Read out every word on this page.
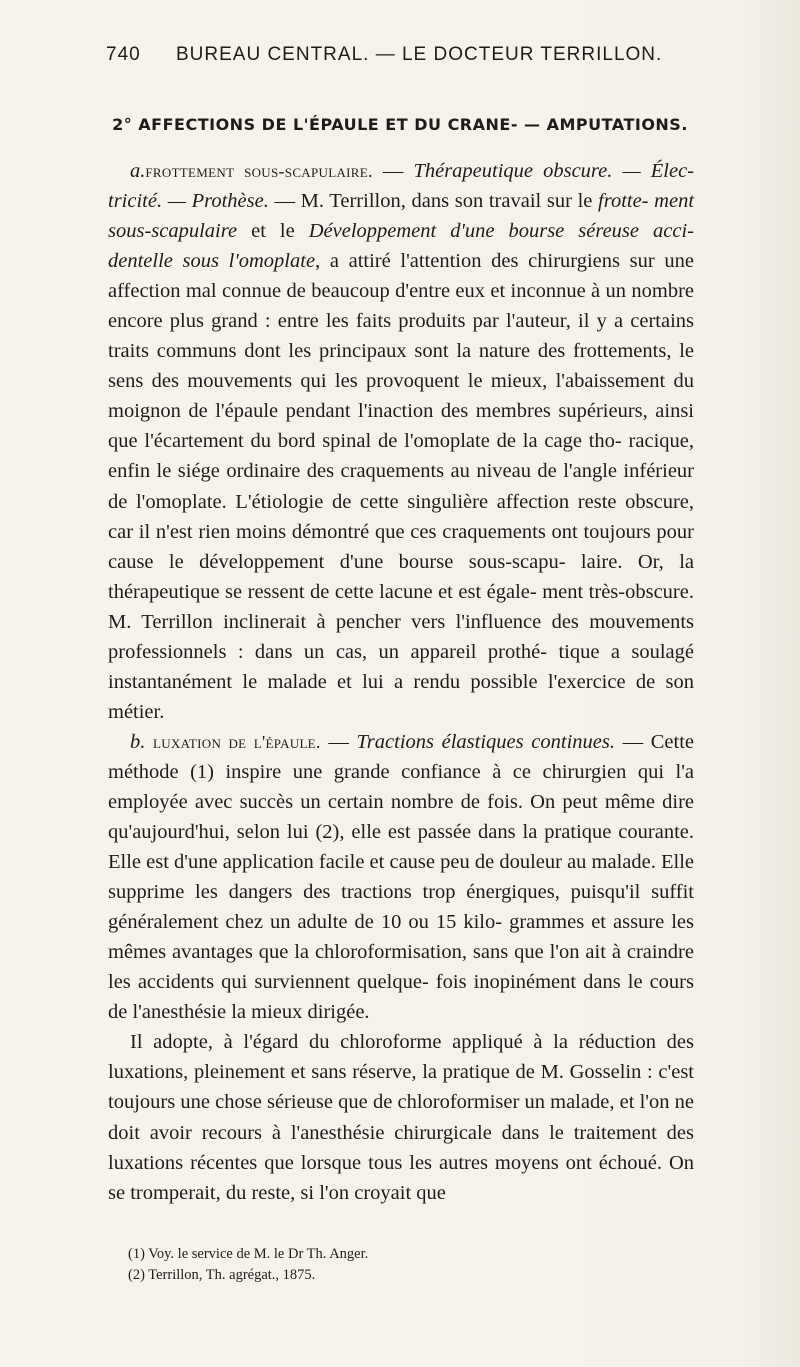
740	BUREAU CENTRAL. — LE DOCTEUR TERRILLON.
2° AFFECTIONS DE L'ÉPAULE ET DU CRANE- — AMPUTATIONS.

a.frottement sous-scapulaire. — Thérapeutique obscure. — Élec- tricité. — Prothèse. — M. Terrillon, dans son travail sur le frotte- ment sous-scapulaire et le Développement d'une bourse séreuse acci- dentelle sous l'omoplate, a attiré l'attention des chirurgiens sur une affection mal connue de beaucoup d'entre eux et inconnue à un nombre encore plus grand : entre les faits produits par l'auteur, il y a certains traits communs dont les principaux sont la nature des frottements, le sens des mouvements qui les provoquent le mieux, l'abaissement du moignon de l'épaule pendant l'inaction des membres supérieurs, ainsi que l'écartement du bord spinal de l'omoplate de la cage tho- racique, enfin le siége ordinaire des craquements au niveau de l'angle inférieur de l'omoplate. L'étiologie de cette singulière affection reste obscure, car il n'est rien moins démontré que ces craquements ont toujours pour cause le développement d'une bourse sous-scapu- laire. Or, la thérapeutique se ressent de cette lacune et est égale- ment très-obscure. M. Terrillon inclinerait à pencher vers l'influence des mouvements professionnels : dans un cas, un appareil prothé- tique a soulagé instantanément le malade et lui a rendu possible l'exercice de son métier.

b. luxation de l'épaule. — Tractions élastiques continues. — Cette méthode (1) inspire une grande confiance à ce chirurgien qui l'a employée avec succès un certain nombre de fois. On peut même dire qu'aujourd'hui, selon lui (2), elle est passée dans la pratique courante. Elle est d'une application facile et cause peu de douleur au malade. Elle supprime les dangers des tractions trop énergiques, puisqu'il suffit généralement chez un adulte de 10 ou 15 kilo- grammes et assure les mêmes avantages que la chloroformisation, sans que l'on ait à craindre les accidents qui surviennent quelque- fois inopinément dans le cours de l'anesthésie la mieux dirigée.

Il adopte, à l'égard du chloroforme appliqué à la réduction des luxations, pleinement et sans réserve, la pratique de M. Gosselin : c'est toujours une chose sérieuse que de chloroformiser un malade, et l'on ne doit avoir recours à l'anesthésie chirurgicale dans le traitement des luxations récentes que lorsque tous les autres moyens ont échoué. On se tromperait, du reste, si l'on croyait que

(1) Voy. le service de M. le Dr Th. Anger.
(2) Terrillon, Th. agrégat., 1875.
